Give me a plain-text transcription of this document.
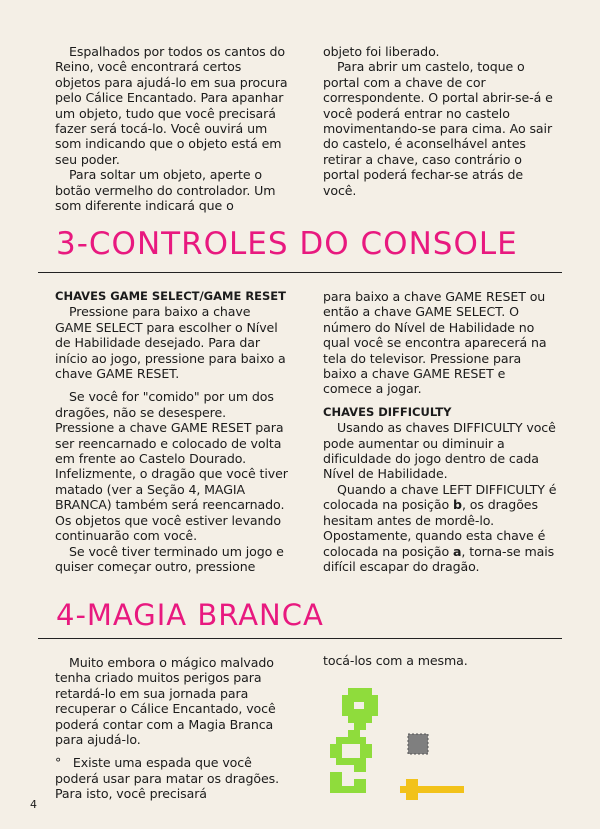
Espalhados por todos os cantos do Reino, você encontrará certos objetos para ajudá-lo em sua procura pelo Cálice Encantado. Para apanhar um objeto, tudo que você precisará fazer será tocá-lo. Você ouvirá um som indicando que o objeto está em seu poder.

Para soltar um objeto, aperte o botão vermelho do controlador. Um som diferente indicará que o

objeto foi liberado.

Para abrir um castelo, toque o portal com a chave de cor correspondente. O portal abrir-se-á e você poderá entrar no castelo movimentando-se para cima. Ao sair do castelo, é aconselhável antes retirar a chave, caso contrário o portal poderá fechar-se atrás de você.

3-CONTROLES DO CONSOLE

CHAVES GAME SELECT/GAME RESET

Pressione para baixo a chave GAME SELECT para escolher o Nível de Habilidade desejado. Para dar início ao jogo, pressione para baixo a chave GAME RESET.

Se você for "comido" por um dos dragões, não se desespere. Pressione a chave GAME RESET para ser reencarnado e colocado de volta em frente ao Castelo Dourado. Infelizmente, o dragão que você tiver matado (ver a Seção 4, MAGIA BRANCA) também será reencarnado. Os objetos que você estiver levando continuarão com você.

Se você tiver terminado um jogo e quiser começar outro, pressione

para baixo a chave GAME RESET ou então a chave GAME SELECT. O número do Nível de Habilidade no qual você se encontra aparecerá na tela do televisor. Pressione para baixo a chave GAME RESET e comece a jogar.

CHAVES DIFFICULTY

Usando as chaves DIFFICULTY você pode aumentar ou diminuir a dificuldade do jogo dentro de cada Nível de Habilidade.

Quando a chave LEFT DIFFICULTY é colocada na posição b, os dragões hesitam antes de mordê-lo. Opostamente, quando esta chave é colocada na posição a, torna-se mais difícil escapar do dragão.

4-MAGIA BRANCA

Muito embora o mágico malvado tenha criado muitos perigos para retardá-lo em sua jornada para recuperar o Cálice Encantado, você poderá contar com a Magia Branca para ajudá-lo.

° Existe uma espada que você poderá usar para matar os dragões. Para isto, você precisará

tocá-los com a mesma.

4
